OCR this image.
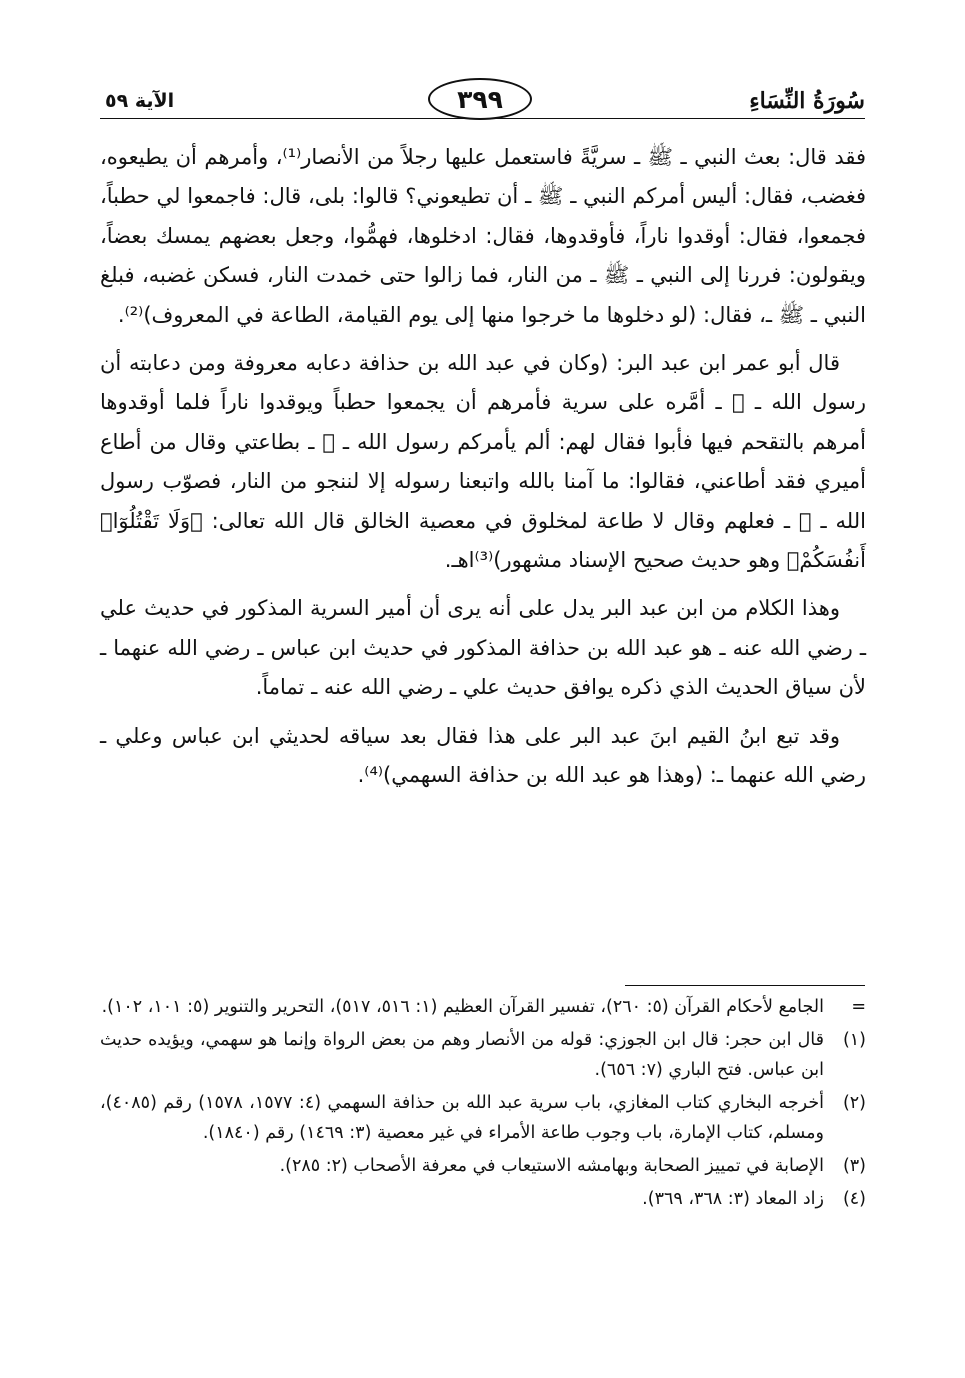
سُورَةُ النِّسَاءِ
٣٩٩
الآية ٥٩

فقد قال: بعث النبي ـ ﷺ ـ سريَّةً فاستعمل عليها رجلاً من الأنصار⁽¹⁾، وأمرهم أن يطيعوه، فغضب، فقال: أليس أمركم النبي ـ ﷺ ـ أن تطيعوني؟ قالوا: بلى، قال: فاجمعوا لي حطباً، فجمعوا، فقال: أوقدوا ناراً، فأوقدوها، فقال: ادخلوها، فهمُّوا، وجعل بعضهم يمسك بعضاً، ويقولون: فررنا إلى النبي ـ ﷺ ـ من النار، فما زالوا حتى خمدت النار، فسكن غضبه، فبلغ النبي ـ ﷺ ـ، فقال: (لو دخلوها ما خرجوا منها إلى يوم القيامة، الطاعة في المعروف)⁽²⁾.

قال أبو عمر ابن عبد البر: (وكان في عبد الله بن حذافة دعابه معروفة ومن دعابته أن رسول الله ـ ﷺ ـ أمَّره على سرية فأمرهم أن يجمعوا حطباً ويوقدوا ناراً فلما أوقدوها أمرهم بالتقحم فيها فأبوا فقال لهم: ألم يأمركم رسول الله ـ ﷺ ـ بطاعتي وقال من أطاع أميري فقد أطاعني، فقالوا: ما آمنا بالله واتبعنا رسوله إلا لننجو من النار، فصوّب رسول الله ـ ﷺ ـ فعلهم وقال لا طاعة لمخلوق في معصية الخالق قال الله تعالى: ﴿وَلَا تَقْتُلُوٓا۟ أَنفُسَكُمْ﴾ وهو حديث صحيح الإسناد مشهور)⁽³⁾اهـ.

وهذا الكلام من ابن عبد البر يدل على أنه يرى أن أمير السرية المذكور في حديث علي ـ رضي الله عنه ـ هو عبد الله بن حذافة المذكور في حديث ابن عباس ـ رضي الله عنهما ـ لأن سياق الحديث الذي ذكره يوافق حديث علي ـ رضي الله عنه ـ تماماً.

وقد تبع ابنُ القيم ابنَ عبد البر على هذا فقال بعد سياقه لحديثي ابن عباس وعلي ـ رضي الله عنهما ـ: (وهذا هو عبد الله بن حذافة السهمي)⁽⁴⁾.

=
الجامع لأحكام القرآن (٥: ٢٦٠)، تفسير القرآن العظيم (١: ٥١٦، ٥١٧)، التحرير والتنوير (٥: ١٠١، ١٠٢).
(١)
قال ابن حجر: قال ابن الجوزي: قوله من الأنصار وهم من بعض الرواة وإنما هو سهمي، ويؤيده حديث ابن عباس. فتح الباري (٧: ٦٥٦).
(٢)
أخرجه البخاري كتاب المغازي، باب سرية عبد الله بن حذافة السهمي (٤: ١٥٧٧، ١٥٧٨) رقم (٤٠٨٥)، ومسلم، كتاب الإمارة، باب وجوب طاعة الأمراء في غير معصية (٣: ١٤٦٩) رقم (١٨٤٠).
(٣)
الإصابة في تمييز الصحابة وبهامشه الاستيعاب في معرفة الأصحاب (٢: ٢٨٥).
(٤)
زاد المعاد (٣: ٣٦٨، ٣٦٩).
